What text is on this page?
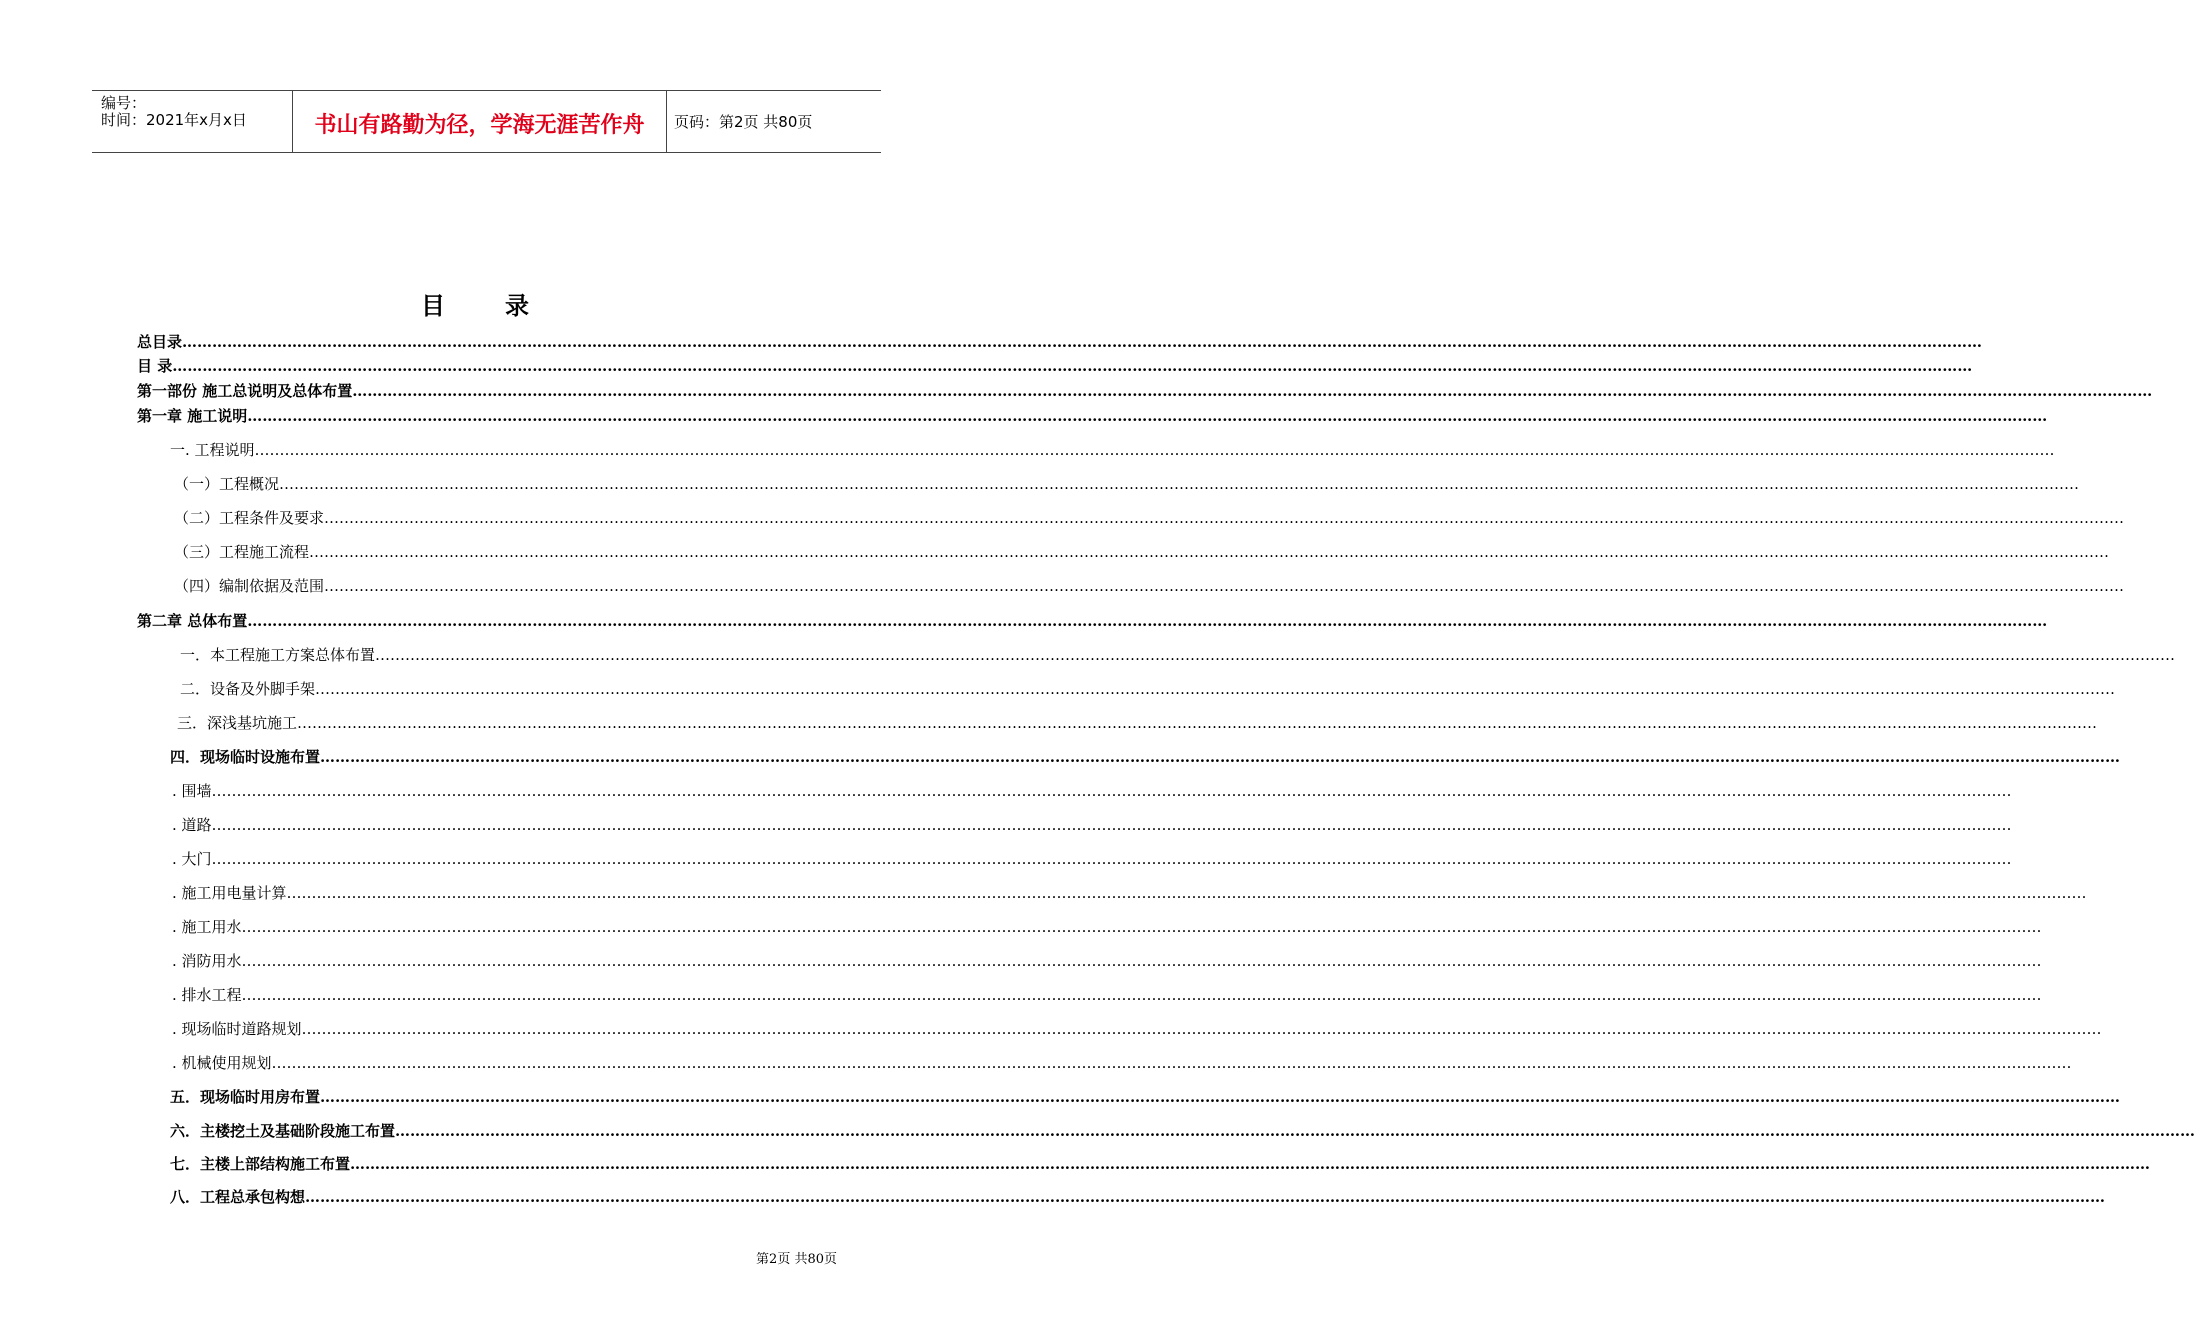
编号：
时间：2021年x月x日	书山有路勤为径，学海无涯苦作舟	页码：第2页 共80页
目录
总目录………………………………………………………………………………………………………………………………………………………………………………………………………………………………………………………………………………………………………………………………
目 录………………………………………………………………………………………………………………………………………………………………………………………………………………………………………………………………………………………………………………………………
第一部份 施工总说明及总体布置………………………………………………………………………………………………………………………………………………………………………………………………………………………………………………………………………………………………………………………………
第一章 施工说明………………………………………………………………………………………………………………………………………………………………………………………………………………………………………………………………………………………………………………………………
一. 工程说明………………………………………………………………………………………………………………………………………………………………………………………………………………………………………………………………………………………………………………………………
（一）工程概况………………………………………………………………………………………………………………………………………………………………………………………………………………………………………………………………………………………………………………………………
（二）工程条件及要求………………………………………………………………………………………………………………………………………………………………………………………………………………………………………………………………………………………………………………………………
（三）工程施工流程………………………………………………………………………………………………………………………………………………………………………………………………………………………………………………………………………………………………………………………………
（四）编制依据及范围………………………………………………………………………………………………………………………………………………………………………………………………………………………………………………………………………………………………………………………………
第二章 总体布置………………………………………………………………………………………………………………………………………………………………………………………………………………………………………………………………………………………………………………………………
一．本工程施工方案总体布置………………………………………………………………………………………………………………………………………………………………………………………………………………………………………………………………………………………………………………………………
二．设备及外脚手架………………………………………………………………………………………………………………………………………………………………………………………………………………………………………………………………………………………………………………………………
三．深浅基坑施工………………………………………………………………………………………………………………………………………………………………………………………………………………………………………………………………………………………………………………………………
四．现场临时设施布置………………………………………………………………………………………………………………………………………………………………………………………………………………………………………………………………………………………………………………………………
. 围墙………………………………………………………………………………………………………………………………………………………………………………………………………………………………………………………………………………………………………………………………
. 道路………………………………………………………………………………………………………………………………………………………………………………………………………………………………………………………………………………………………………………………………
. 大门………………………………………………………………………………………………………………………………………………………………………………………………………………………………………………………………………………………………………………………………
. 施工用电量计算………………………………………………………………………………………………………………………………………………………………………………………………………………………………………………………………………………………………………………………………
. 施工用水………………………………………………………………………………………………………………………………………………………………………………………………………………………………………………………………………………………………………………………………
. 消防用水………………………………………………………………………………………………………………………………………………………………………………………………………………………………………………………………………………………………………………………………
. 排水工程………………………………………………………………………………………………………………………………………………………………………………………………………………………………………………………………………………………………………………………………
. 现场临时道路规划………………………………………………………………………………………………………………………………………………………………………………………………………………………………………………………………………………………………………………………………
. 机械使用规划………………………………………………………………………………………………………………………………………………………………………………………………………………………………………………………………………………………………………………………………
五．现场临时用房布置………………………………………………………………………………………………………………………………………………………………………………………………………………………………………………………………………………………………………………………………
六．主楼挖土及基础阶段施工布置………………………………………………………………………………………………………………………………………………………………………………………………………………………………………………………………………………………………………………………………
七．主楼上部结构施工布置………………………………………………………………………………………………………………………………………………………………………………………………………………………………………………………………………………………………………………………………
八．工程总承包构想………………………………………………………………………………………………………………………………………………………………………………………………………………………………………………………………………………………………………………………………
第2页 共80页
